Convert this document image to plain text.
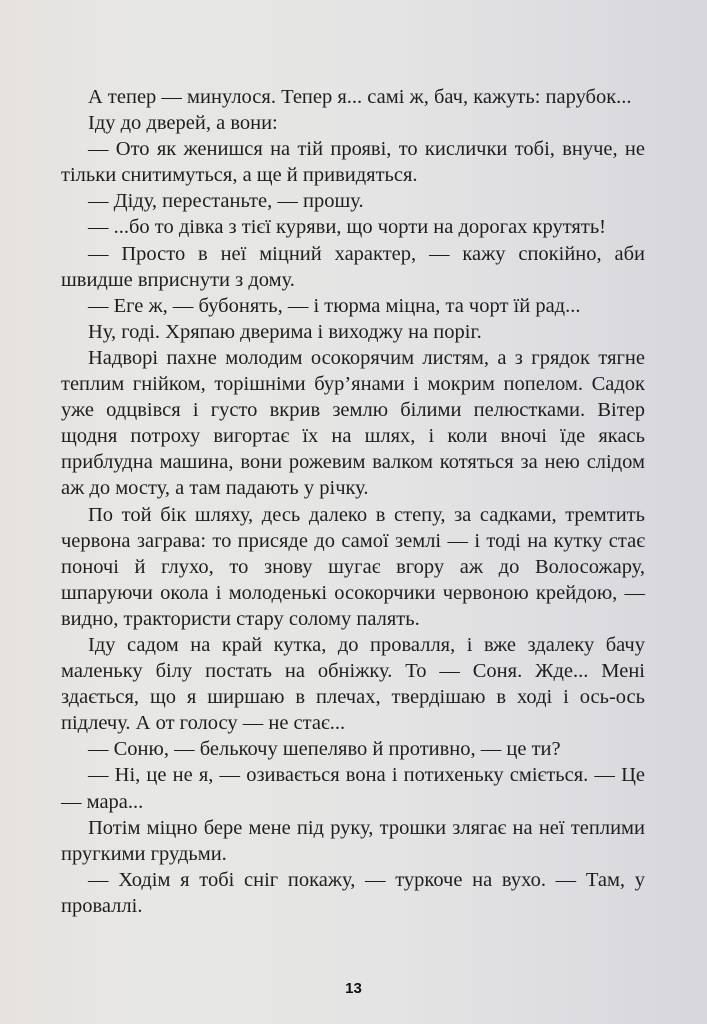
А тепер — минулося. Тепер я... самі ж, бач, кажуть: парубок...

Іду до дверей, а вони:

— Ото як женишся на тій прояві, то кислички тобі, внуче, не тільки снитимуться, а ще й привидяться.

— Діду, перестаньте, — прошу.

— ...бо то дівка з тієї куряви, що чорти на дорогах крутять!

— Просто в неї міцний характер, — кажу спокійно, аби швидше вприснути з дому.

— Еге ж, — бубонять, — і тюрма міцна, та чорт їй рад...

Ну, годі. Хряпаю дверима і виходжу на поріг.

Надворі пахне молодим осокорячим листям, а з грядок тягне теплим гнійком, торішніми бур’янами і мокрим попелом. Садок уже одцвівся і густо вкрив землю білими пелюстками. Вітер щодня потроху вигортає їх на шлях, і коли вночі їде якась приблудна машина, вони рожевим валком котяться за нею слідом аж до мосту, а там падають у річку.

По той бік шляху, десь далеко в степу, за садками, тремтить червона заграва: то присяде до самої землі — і тоді на кутку стає поночі й глухо, то знову шугає вгору аж до Волосожару, шпаруючи окола і молоденькі осокорчики червоною крейдою, — видно, трактористи стару солому палять.

Іду садом на край кутка, до провалля, і вже здалеку бачу маленьку білу постать на обніжку. То — Соня. Жде... Мені здається, що я ширшаю в плечах, твердішаю в ході і ось-ось підлечу. А от голосу — не стає...

— Соню, — белькочу шепеляво й противно, — це ти?

— Ні, це не я, — озивається вона і потихеньку сміється. — Це — мара...

Потім міцно бере мене під руку, трошки злягає на неї теплими пругкими грудьми.

— Ходім я тобі сніг покажу, — туркоче на вухо. — Там, у проваллі.

13
